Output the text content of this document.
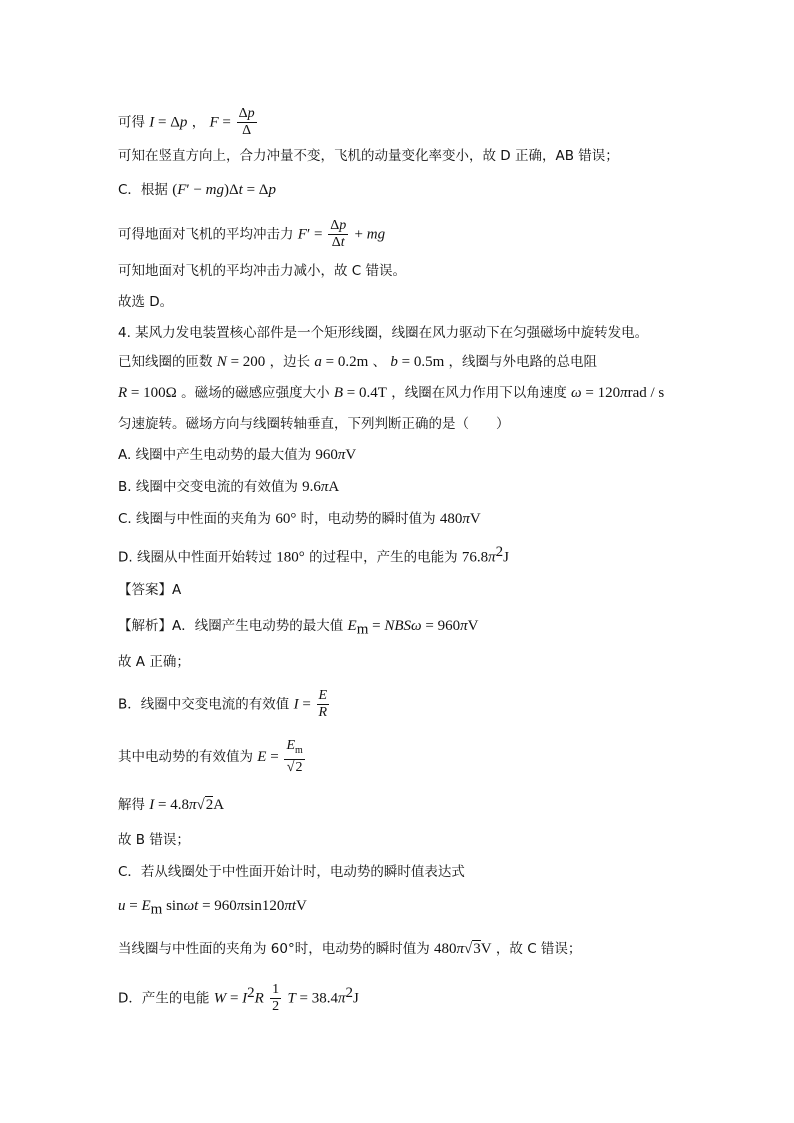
可得 I = Δp ， $F = \frac{\Delta p}{\Delta}$
可知在竖直方向上，合力冲量不变，飞机的动量变化率变小，故 D 正确，AB 错误；
C．根据 (F′ − mg)Δt = Δp
可得地面对飞机的平均冲击力 $F' = \frac{\Delta p}{\Delta t}$ + mg
可知地面对飞机的平均冲击力减小，故 C 错误。
故选 D。
4. 某风力发电装置核心部件是一个矩形线圈，线圈在风力驱动下在匀强磁场中旋转发电。
已知线圈的匝数 N = 200 ，边长 a = 0.2m 、 b = 0.5m ，线圈与外电路的总电阻
R = 100Ω 。磁场的磁感应强度大小 B = 0.4T ，线圈在风力作用下以角速度 ω = 120πrad / s
匀速旋转。磁场方向与线圈转轴垂直，下列判断正确的是（　　）
A. 线圈中产生电动势的最大值为 960πV
B. 线圈中交变电流的有效值为 9.6πA
C. 线圈与中性面的夹角为 60° 时，电动势的瞬时值为 480πV
D. 线圈从中性面开始转过 180° 的过程中，产生的电能为 $76.8\pi^2J$
【答案】A
【解析】A．线圈产生电动势的最大值 $E_m = NBS\omega = 960\pi V$
故 A 正确；
B．线圈中交变电流的有效值 $I = \frac{E}{R}$
其中电动势的有效值为 $E = \frac{E_m}{√2}$
解得 I = 4.8π√2A
故 B 错误；
C．若从线圈处于中性面开始计时，电动势的瞬时值表达式
$u = E_m$ sinωt = 960πsin120πtV
当线圈与中性面的夹角为 60°时，电动势的瞬时值为 480π√3V ，故 C 错误；
D．产生的电能 $W = I^2R \frac{1}{2}$ $T = 38.4\pi^2J$
